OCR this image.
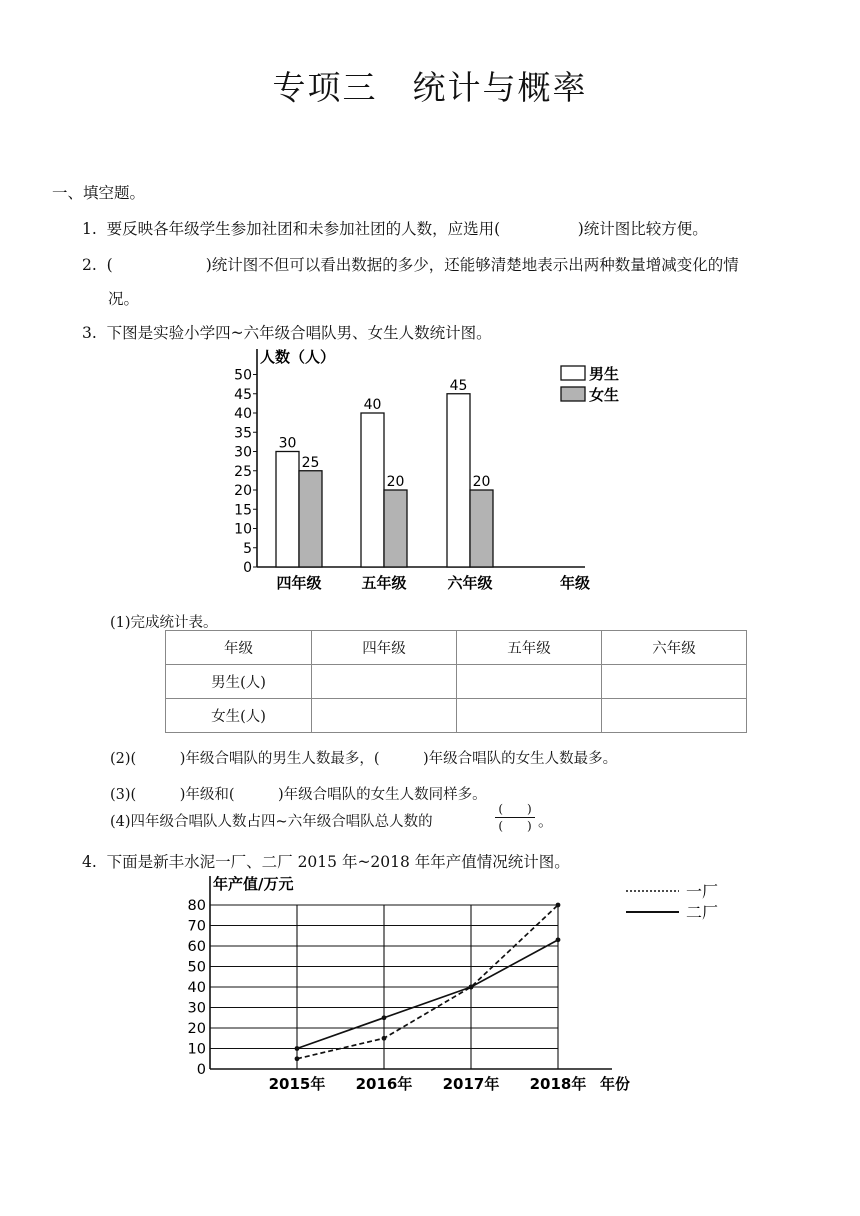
专项三　统计与概率
一、填空题。
1.  要反映各年级学生参加社团和未参加社团的人数，应选用(　　　　　)统计图比较方便。
2.  (　　　　　　)统计图不但可以看出数据的多少，还能够清楚地表示出两种数量增减变化的情
况。
3.  下图是实验小学四~六年级合唱队男、女生人数统计图。
人数（人）
0
5
10
15
20
25
30
35
40
45
50
30
25
四年级
40
20
五年级
45
20
六年级	年级
男生
女生
年产值/万元
0
10
20
30
40
50
60
70
80
2015年 2016年 2017年 2018年 年份
一厂
二厂
(1)完成统计表。
年级	四年级	五年级	六年级
男生(人)			
女生(人)			
(2)(　　　)年级合唱队的男生人数最多，(　　　)年级合唱队的女生人数最多。
(3)(　　　)年级和(　　　)年级合唱队的女生人数同样多。
(4)四年级合唱队人数占四~六年级合唱队总人数的
(　　)
(　　) 。
4.  下面是新丰水泥一厂、二厂 2015 年~2018 年年产值情况统计图。
